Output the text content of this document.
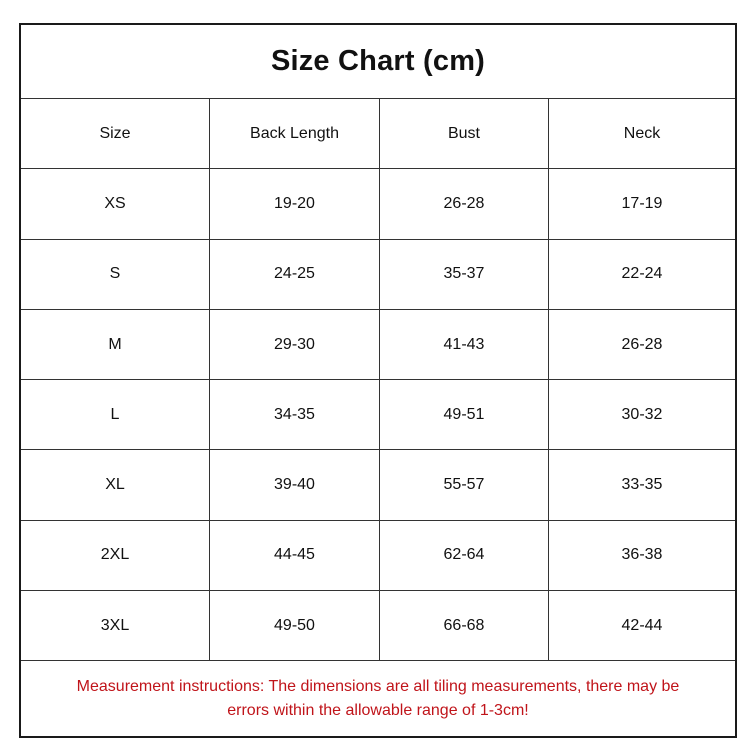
Size Chart (cm)
Size	Back Length	Bust	Neck
XS	19-20	26-28	17-19
S	24-25	35-37	22-24
M	29-30	41-43	26-28
L	34-35	49-51	30-32
XL	39-40	55-57	33-35
2XL	44-45	62-64	36-38
3XL	49-50	66-68	42-44
Measurement instructions: The dimensions are all tiling measurements, there may be
errors within the allowable range of 1-3cm!
